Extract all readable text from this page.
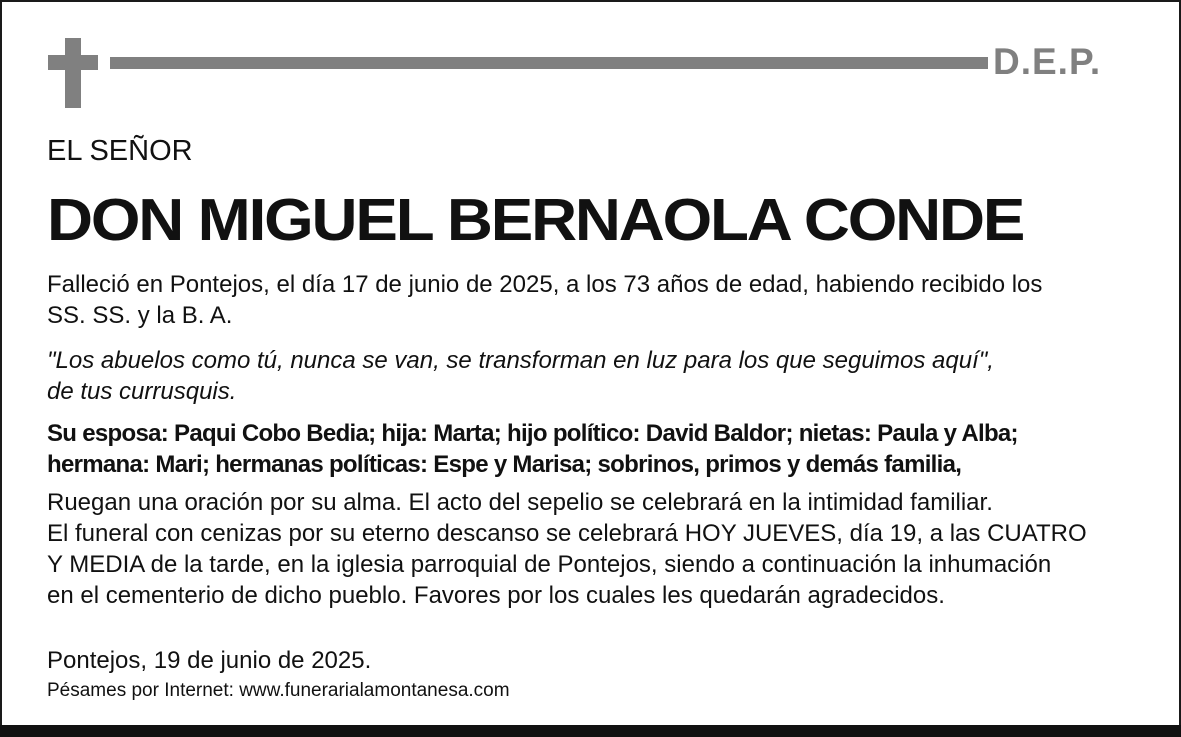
D.E.P.
EL SEÑOR
DON MIGUEL BERNAOLA CONDE
Falleció en Pontejos, el día 17 de junio de 2025, a los 73 años de edad, habiendo recibido los
SS. SS. y la B. A.
"Los abuelos como tú, nunca se van, se transforman en luz para los que seguimos aquí",
de tus currusquis.
Su esposa: Paqui Cobo Bedia; hija: Marta; hijo político: David Baldor; nietas: Paula y Alba;
hermana: Mari; hermanas políticas: Espe y Marisa; sobrinos, primos y demás familia,
Ruegan una oración por su alma. El acto del sepelio se celebrará en la intimidad familiar.
El funeral con cenizas por su eterno descanso se celebrará HOY JUEVES, día 19, a las CUATRO
Y MEDIA de la tarde, en la iglesia parroquial de Pontejos, siendo a continuación la inhumación
en el cementerio de dicho pueblo. Favores por los cuales les quedarán agradecidos.
Pontejos, 19 de junio de 2025.
Pésames por Internet: www.funerarialamontanesa.com
